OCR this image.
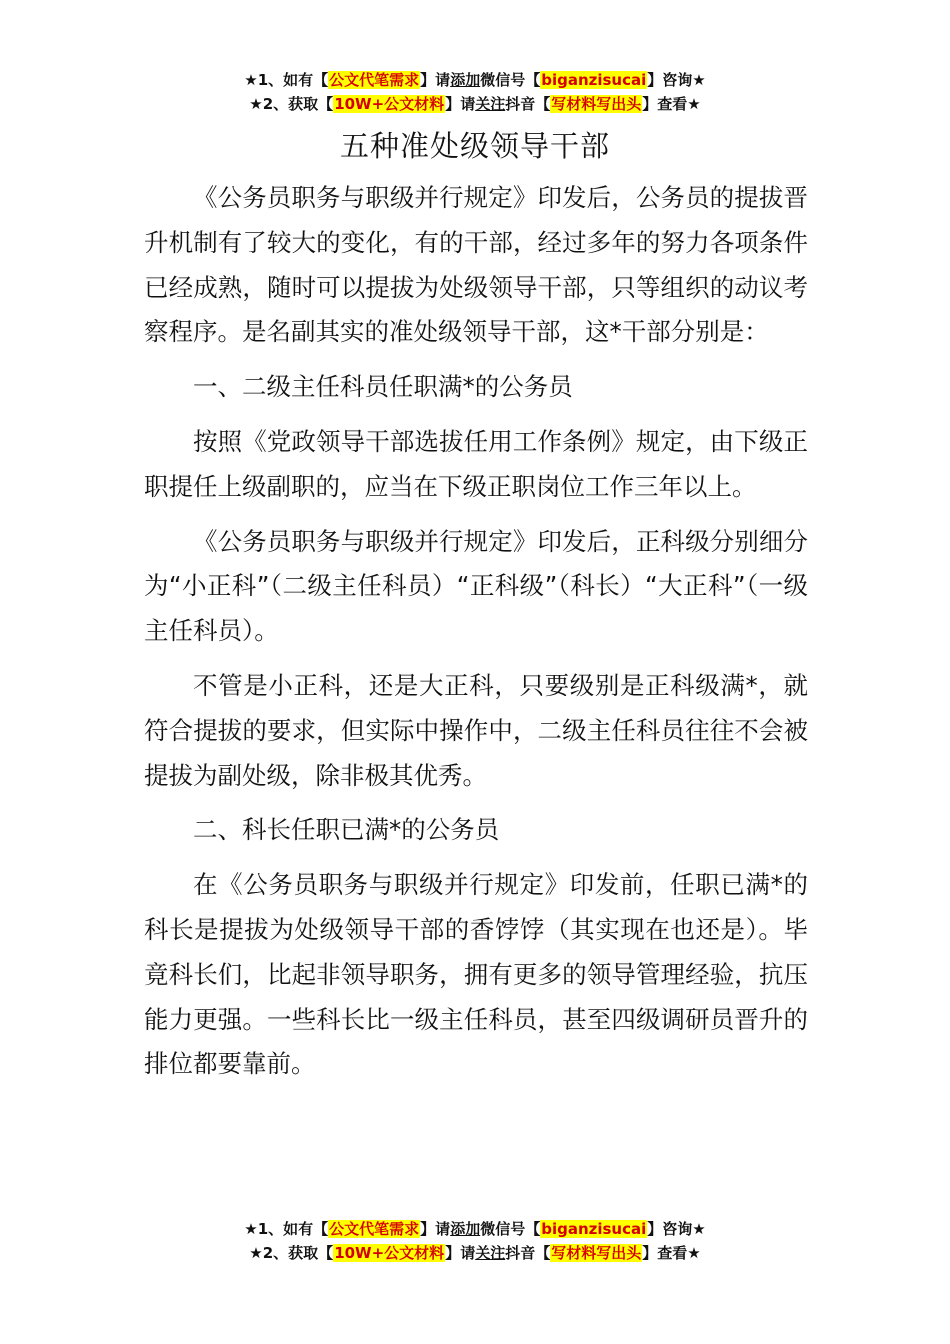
★1、如有【公文代笔需求】请添加微信号【biganzisucai】咨询★
★2、获取【10W+公文材料】请关注抖音【写材料写出头】查看★
五种准处级领导干部

《公务员职务与职级并行规定》印发后，公务员的提拔晋升机制有了较大的变化，有的干部，经过多年的努力各项条件已经成熟，随时可以提拔为处级领导干部，只等组织的动议考察程序。是名副其实的准处级领导干部，这*干部分别是：

一、二级主任科员任职满*的公务员

按照《党政领导干部选拔任用工作条例》规定，由下级正职提任上级副职的，应当在下级正职岗位工作三年以上。

《公务员职务与职级并行规定》印发后，正科级分别细分为“小正科”（二级主任科员）“正科级”（科长）“大正科”（一级主任科员）。

不管是小正科，还是大正科，只要级别是正科级满*，就符合提拔的要求，但实际中操作中，二级主任科员往往不会被提拔为副处级，除非极其优秀。

二、科长任职已满*的公务员

在《公务员职务与职级并行规定》印发前，任职已满*的科长是提拔为处级领导干部的香饽饽（其实现在也还是）。毕竟科长们，比起非领导职务，拥有更多的领导管理经验，抗压能力更强。一些科长比一级主任科员，甚至四级调研员晋升的排位都要靠前。

★1、如有【公文代笔需求】请添加微信号【biganzisucai】咨询★
★2、获取【10W+公文材料】请关注抖音【写材料写出头】查看★
